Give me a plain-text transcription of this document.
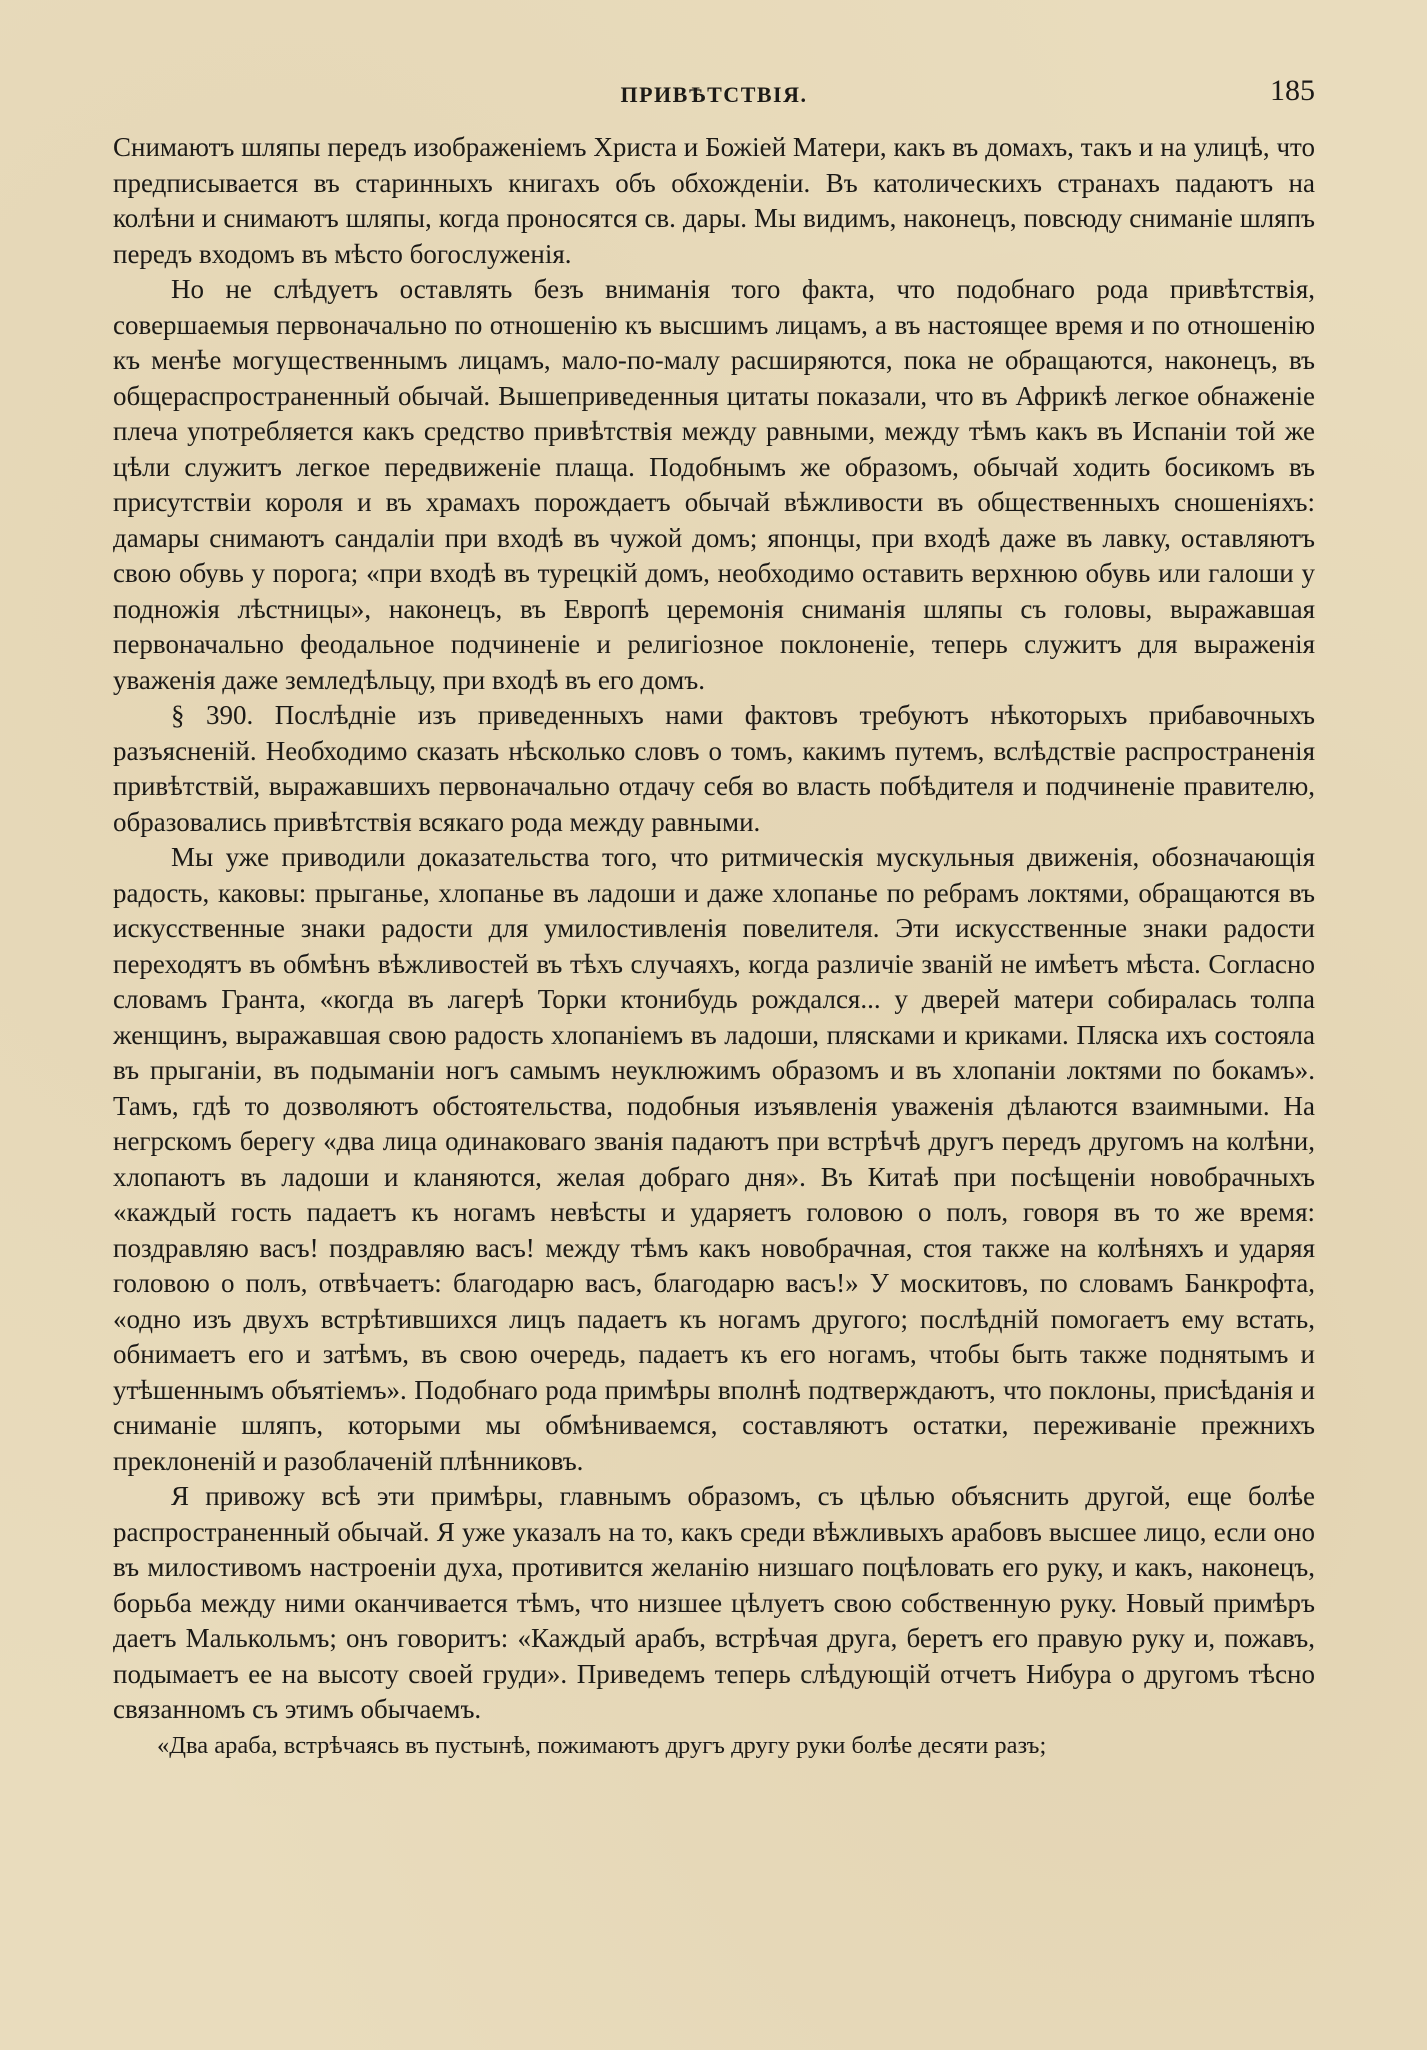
ПРИВѢТСТВІЯ.	185

Снимаютъ шляпы передъ изображеніемъ Христа и Божіей Матери, какъ въ домахъ, такъ и на улицѣ, что предписывается въ старинныхъ книгахъ объ обхожденіи. Въ католическихъ странахъ падаютъ на колѣни и снимаютъ шляпы, когда проносятся св. дары. Мы видимъ, наконецъ, повсюду сниманіе шляпъ передъ входомъ въ мѣсто богослуженія.

Но не слѣдуетъ оставлять безъ вниманія того факта, что подобнаго рода привѣтствія, совершаемыя первоначально по отношенію къ высшимъ лицамъ, а въ настоящее время и по отношенію къ менѣе могущественнымъ лицамъ, мало-по-малу расширяются, пока не обращаются, наконецъ, въ общераспространенный обычай. Вышеприведенныя цитаты показали, что въ Африкѣ легкое обнаженіе плеча употребляется какъ средство привѣтствія между равными, между тѣмъ какъ въ Испаніи той же цѣли служитъ легкое передвиженіе плаща. Подобнымъ же образомъ, обычай ходить босикомъ въ присутствіи короля и въ храмахъ порождаетъ обычай вѣжливости въ общественныхъ сношеніяхъ: дамары снимаютъ сандаліи при входѣ въ чужой домъ; японцы, при входѣ даже въ лавку, оставляютъ свою обувь у порога; «при входѣ въ турецкій домъ, необходимо оставить верхнюю обувь или галоши у подножія лѣстницы», наконецъ, въ Европѣ церемонія сниманія шляпы съ головы, выражавшая первоначально феодальное подчиненіе и религіозное поклоненіе, теперь служитъ для выраженія уваженія даже земледѣльцу, при входѣ въ его домъ.

§ 390. Послѣдніе изъ приведенныхъ нами фактовъ требуютъ нѣкоторыхъ прибавочныхъ разъясненій. Необходимо сказать нѣсколько словъ о томъ, какимъ путемъ, вслѣдствіе распространенія привѣтствій, выражавшихъ первоначально отдачу себя во власть побѣдителя и подчиненіе правителю, образовались привѣтствія всякаго рода между равными.

Мы уже приводили доказательства того, что ритмическія мускульныя движенія, обозначающія радость, каковы: прыганье, хлопанье въ ладоши и даже хлопанье по ребрамъ локтями, обращаются въ искусственные знаки радости для умилостивленія повелителя. Эти искусственные знаки радости переходятъ въ обмѣнъ вѣжливостей въ тѣхъ случаяхъ, когда различіе званій не имѣетъ мѣста. Согласно словамъ Гранта, «когда въ лагерѣ Торки ктонибудь рождался... у дверей матери собиралась толпа женщинъ, выражавшая свою радость хлопаніемъ въ ладоши, плясками и криками. Пляска ихъ состояла въ прыганіи, въ подыманіи ногъ самымъ неуклюжимъ образомъ и въ хлопаніи локтями по бокамъ». Тамъ, гдѣ то дозволяютъ обстоятельства, подобныя изъявленія уваженія дѣлаются взаимными. На негрскомъ берегу «два лица одинаковаго званія падаютъ при встрѣчѣ другъ передъ другомъ на колѣни, хлопаютъ въ ладоши и кланяются, желая добраго дня». Въ Китаѣ при посѣщеніи новобрачныхъ «каждый гость падаетъ къ ногамъ невѣсты и ударяетъ головою о полъ, говоря въ то же время: поздравляю васъ! поздравляю васъ! между тѣмъ какъ новобрачная, стоя также на колѣняхъ и ударяя головою о полъ, отвѣчаетъ: благодарю васъ, благодарю васъ!» У москитовъ, по словамъ Банкрофта, «одно изъ двухъ встрѣтившихся лицъ падаетъ къ ногамъ другого; послѣдній помогаетъ ему встать, обнимаетъ его и затѣмъ, въ свою очередь, падаетъ къ его ногамъ, чтобы быть также поднятымъ и утѣшеннымъ объятіемъ». Подобнаго рода примѣры вполнѣ подтверждаютъ, что поклоны, присѣданія и сниманіе шляпъ, которыми мы обмѣниваемся, составляютъ остатки, переживаніе прежнихъ преклоненій и разоблаченій плѣнниковъ.

Я привожу всѣ эти примѣры, главнымъ образомъ, съ цѣлью объяснить другой, еще болѣе распространенный обычай. Я уже указалъ на то, какъ среди вѣжливыхъ арабовъ высшее лицо, если оно въ милостивомъ настроеніи духа, противится желанію низшаго поцѣловать его руку, и какъ, наконецъ, борьба между ними оканчивается тѣмъ, что низшее цѣлуетъ свою собственную руку. Новый примѣръ даетъ Малькольмъ; онъ говоритъ: «Каждый арабъ, встрѣчая друга, беретъ его правую руку и, пожавъ, подымаетъ ее на высоту своей груди». Приведемъ теперь слѣдующій отчетъ Нибура о другомъ тѣсно связанномъ съ этимъ обычаемъ.

«Два араба, встрѣчаясь въ пустынѣ, пожимаютъ другъ другу руки болѣе десяти разъ;
